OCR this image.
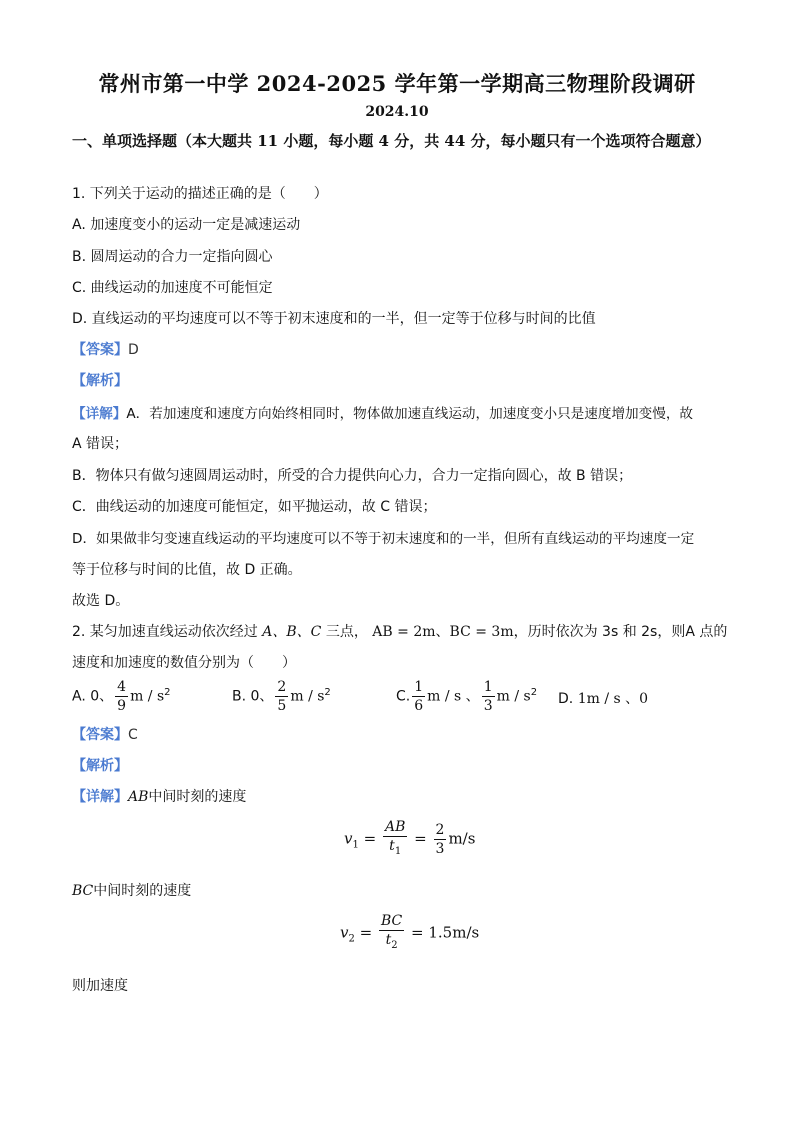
常州市第一中学 2024-2025 学年第一学期高三物理阶段调研
2024.10
一、单项选择题（本大题共 11 小题，每小题 4 分，共 44 分，每小题只有一个选项符合题意）
1. 下列关于运动的描述正确的是（　　）
A. 加速度变小的运动一定是减速运动
B. 圆周运动的合力一定指向圆心
C. 曲线运动的加速度不可能恒定
D. 直线运动的平均速度可以不等于初末速度和的一半，但一定等于位移与时间的比值
【答案】D
【解析】
【详解】A．若加速度和速度方向始终相同时，物体做加速直线运动，加速度变小只是速度增加变慢，故
A 错误；
B．物体只有做匀速圆周运动时，所受的合力提供向心力，合力一定指向圆心，故 B 错误；
C．曲线运动的加速度可能恒定，如平抛运动，故 C 错误；
D．如果做非匀变速直线运动的平均速度可以不等于初末速度和的一半，但所有直线运动的平均速度一定
等于位移与时间的比值，故 D 正确。
故选 D。
2. 某匀加速直线运动依次经过 A、B、C 三点， AB = 2m、BC = 3m，历时依次为 3s 和 2s，则A 点的
速度和加速度的数值分别为（　　）
A. 0、 $\frac{4}{9}$ m / $s^2$	B. 0、 $\frac{2}{5}$ m / $s^2$	C. $\frac{1}{6}$ m / s 、 $\frac{1}{3}$ m / $s^2$ D. 1m / s 、0
【答案】C
【解析】
【详解】AB中间时刻的速度
$v_1 = \frac{AB}{t_1} = \frac{2}{3} m/s$
BC中间时刻的速度
$v_2 = \frac{BC}{t_2} = 1.5m/s$
则加速度
